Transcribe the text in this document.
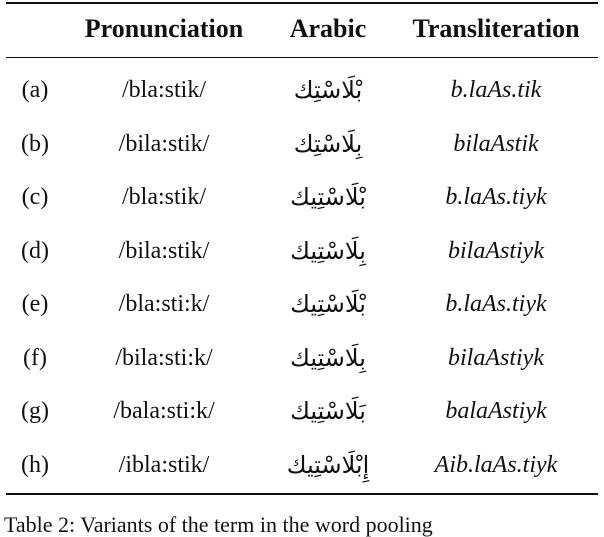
Pronunciation Arabic Transliteration
(a)	/bla:stik/	بْلَاسْتِك	b.laAs.tik
(b)	/bila:stik/	بِلَاسْتِك	bilaAstik
(c)	/bla:stik/	بْلَاسْتِيك	b.laAs.tiyk
(d)	/bila:stik/	بِلَاسْتِيك	bilaAstiyk
(e)	/bla:sti:k/	بْلَاسْتِيك	b.laAs.tiyk
(f)	/bila:sti:k/	بِلَاسْتِيك	bilaAstiyk
(g)	/bala:sti:k/	بَلَاسْتِيك	balaAstiyk
(h)	/ibla:stik/	إِبْلَاسْتِيك	Aib.laAs.tiyk
Table 2: Variants of the term in the word pooling
